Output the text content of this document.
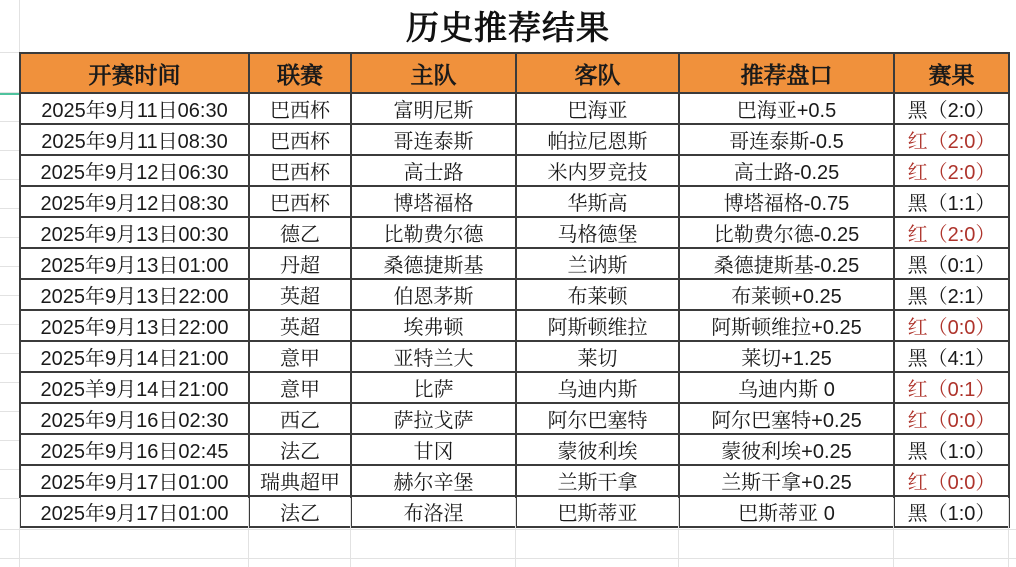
历史推荐结果
开赛时间	联赛	主队	客队	推荐盘口	赛果
2025年9月11日06:30	巴西杯	富明尼斯	巴海亚	巴海亚+0.5	黑（2:0）
2025年9月11日08:30	巴西杯	哥连泰斯	帕拉尼恩斯	哥连泰斯-0.5	红（2:0）
2025年9月12日06:30	巴西杯	高士路	米内罗竞技	高士路-0.25	红（2:0）
2025年9月12日08:30	巴西杯	博塔福格	华斯高	博塔福格-0.75	黑（1:1）
2025年9月13日00:30	德乙	比勒费尔德	马格德堡	比勒费尔德-0.25	红（2:0）
2025年9月13日01:00	丹超	桑德捷斯基	兰讷斯	桑德捷斯基-0.25	黑（0:1）
2025年9月13日22:00	英超	伯恩茅斯	布莱顿	布莱顿+0.25	黑（2:1）
2025年9月13日22:00	英超	埃弗顿	阿斯顿维拉	阿斯顿维拉+0.25	红（0:0）
2025年9月14日21:00	意甲	亚特兰大	莱切	莱切+1.25	黑（4:1）
2025羊9月14日21:00	意甲	比萨	乌迪内斯	乌迪内斯 0	红（0:1）
2025年9月16日02:30	西乙	萨拉戈萨	阿尔巴塞特	阿尔巴塞特+0.25	红（0:0）
2025年9月16日02:45	法乙	甘冈	蒙彼利埃	蒙彼利埃+0.25	黑（1:0）
2025年9月17日01:00	瑞典超甲	赫尔辛堡	兰斯干拿	兰斯干拿+0.25	红（0:0）
2025年9月17日01:00	法乙	布洛涅	巴斯蒂亚	巴斯蒂亚 0	黑（1:0）
